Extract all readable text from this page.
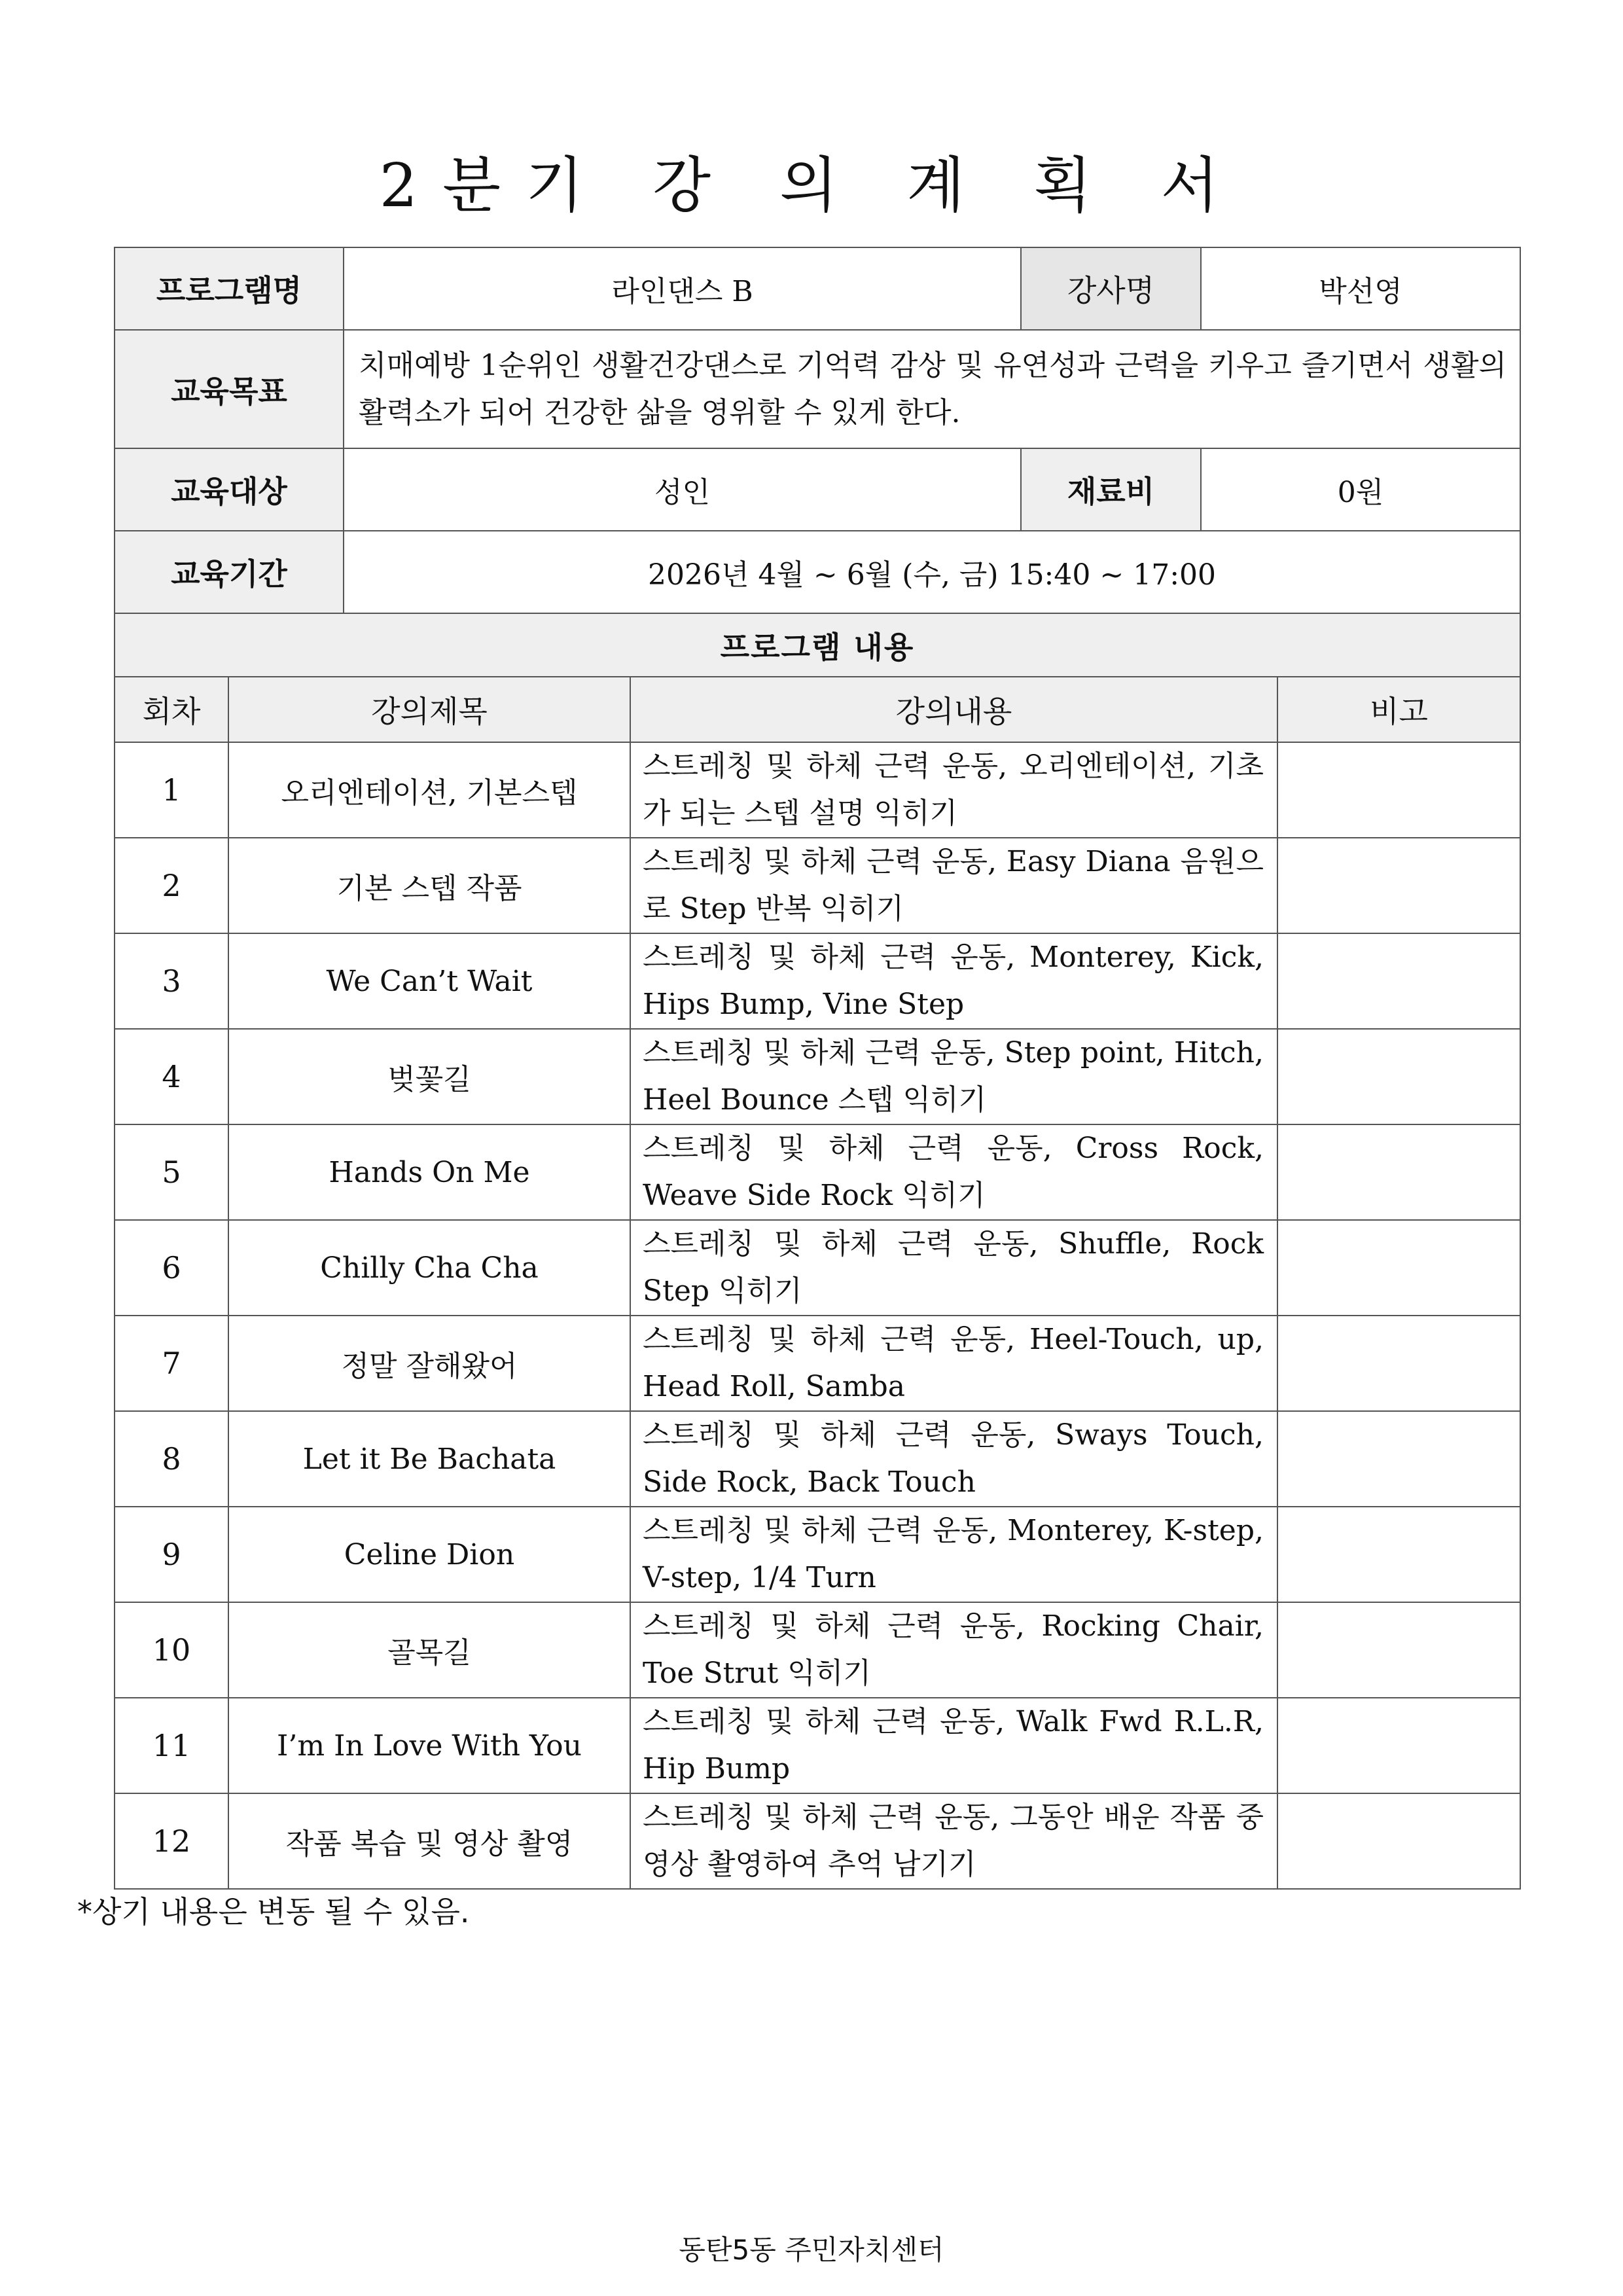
2분기 강 의 계 획 서
프로그램명	라인댄스 B	강사명	박선영
교육목표	치매예방 1순위인 생활건강댄스로 기억력 감상 및 유연성과 근력을 키우고 즐기면서 생활의 활력소가 되어 건강한 삶을 영위할 수 있게 한다.		
교육대상	성인	재료비	0원
교육기간	2026년 4월 ~ 6월 (수, 금) 15:40 ~ 17:00		
프로그램 내용			
회차	강의제목	강의내용	비고
1	오리엔테이션, 기본스텝	스트레칭 및 하체 근력 운동, 오리엔테이션, 기초가 되는 스텝 설명 익히기	
2	기본 스텝 작품	스트레칭 및 하체 근력 운동, Easy Diana 음원으로 Step 반복 익히기	
3	We Can’t Wait	스트레칭 및 하체 근력 운동, Monterey, Kick, Hips Bump, Vine Step	
4	벚꽃길	스트레칭 및 하체 근력 운동, Step point, Hitch, Heel Bounce 스텝 익히기	
5	Hands On Me	스트레칭 및 하체 근력 운동, Cross Rock, Weave Side Rock 익히기	
6	Chilly Cha Cha	스트레칭 및 하체 근력 운동, Shuffle, Rock Step 익히기	
7	정말 잘해왔어	스트레칭 및 하체 근력 운동, Heel-Touch, up, Head Roll, Samba	
8	Let it Be Bachata	스트레칭 및 하체 근력 운동, Sways Touch, Side Rock, Back Touch	
9	Celine Dion	스트레칭 및 하체 근력 운동, Monterey, K-step, V-step, 1/4 Turn	
10	골목길	스트레칭 및 하체 근력 운동, Rocking Chair, Toe Strut 익히기	
11	I’m In Love With You	스트레칭 및 하체 근력 운동, Walk Fwd R.L.R, Hip Bump	
12	작품 복습 및 영상 촬영	스트레칭 및 하체 근력 운동, 그동안 배운 작품 중 영상 촬영하여 추억 남기기	
*상기 내용은 변동 될 수 있음.
동탄5동 주민자치센터
